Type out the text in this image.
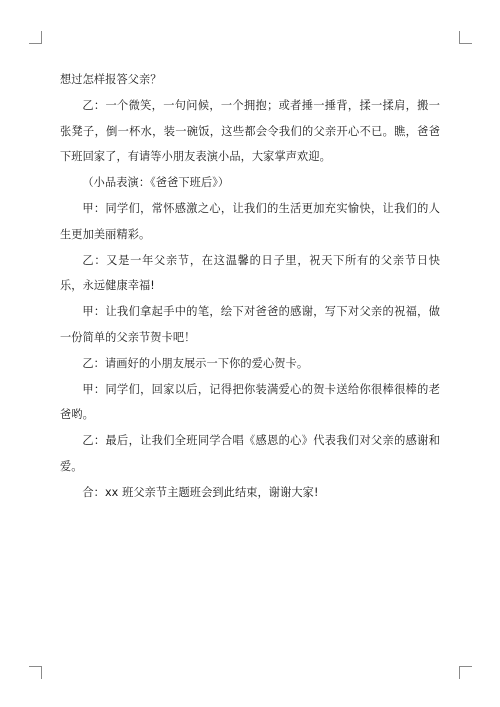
想过怎样报答父亲？

乙：一个微笑，一句问候，一个拥抱；或者捶一捶背，揉一揉肩，搬一张凳子，倒一杯水，装一碗饭，这些都会令我们的父亲开心不已。瞧，爸爸下班回家了，有请等小朋友表演小品，大家掌声欢迎。

（小品表演：《爸爸下班后》）

甲：同学们，常怀感激之心，让我们的生活更加充实愉快，让我们的人生更加美丽精彩。

乙：又是一年父亲节，在这温馨的日子里，祝天下所有的父亲节日快乐，永远健康幸福!

甲：让我们拿起手中的笔，绘下对爸爸的感谢，写下对父亲的祝福，做一份简单的父亲节贺卡吧！

乙：请画好的小朋友展示一下你的爱心贺卡。

甲：同学们，回家以后，记得把你装满爱心的贺卡送给你很棒很棒的老爸哟。

乙：最后，让我们全班同学合唱《感恩的心》代表我们对父亲的感谢和爱。

合：xx 班父亲节主题班会到此结束，谢谢大家!
